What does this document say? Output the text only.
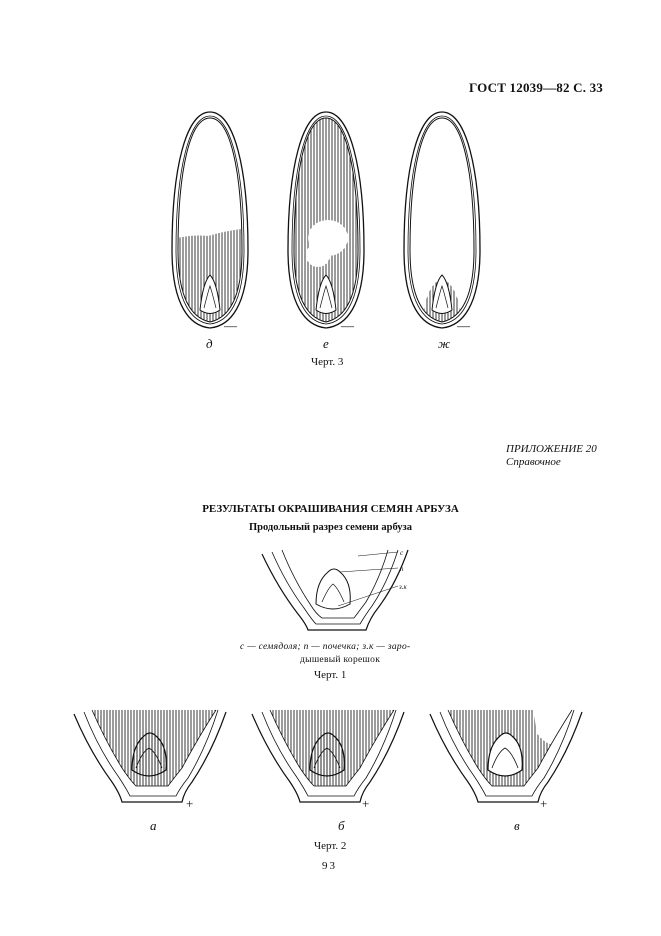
ГОСТ 12039—82 С. 33
—
д
—
е
—
ж
Черт. 3
ПРИЛОЖЕНИЕ 20
Справочное
РЕЗУЛЬТАТЫ ОКРАШИВАНИЯ СЕМЯН АРБУЗА
Продольный разрез семени арбуза
с
п
з.к
с — семядоля; п — почечка; з.к — заро-
дышевый корешок
Черт. 1
+
а
+
б
+
в
Черт. 2
93
